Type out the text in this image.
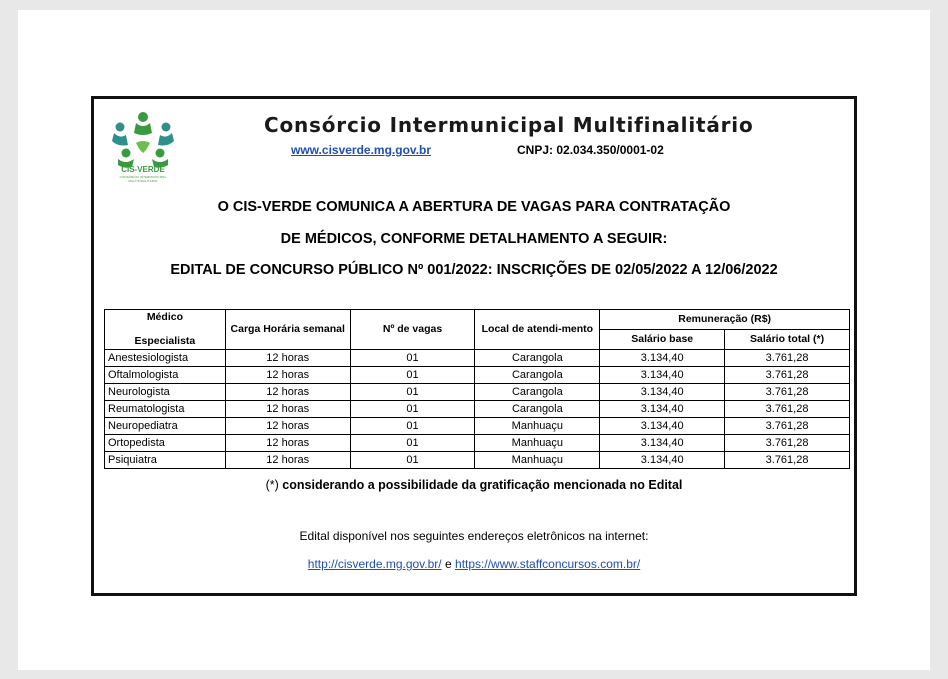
CIS-VERDE
CONSÓRCIO INTERMUNICIPAL MULTIFINALITÁRIO
Consórcio Intermunicipal Multifinalitário
www.cisverde.mg.gov.br	CNPJ: 02.034.350/0001-02
O CIS-VERDE COMUNICA A ABERTURA DE VAGAS PARA CONTRATAÇÃO
DE MÉDICOS, CONFORME DETALHAMENTO A SEGUIR:
EDITAL DE CONCURSO PÚBLICO Nº 001/2022: INSCRIÇÕES DE 02/05/2022 A 12/06/2022
Médico
Especialista	Carga Horária semanal	Nº de vagas	Local de atendi-mento	Remuneração (R$)	
				Salário base	Salário total (*)
Anestesiologista	12 horas	01	Carangola	3.134,40	3.761,28
Oftalmologista	12 horas	01	Carangola	3.134,40	3.761,28
Neurologista	12 horas	01	Carangola	3.134,40	3.761,28
Reumatologista	12 horas	01	Carangola	3.134,40	3.761,28
Neuropediatra	12 horas	01	Manhuaçu	3.134,40	3.761,28
Ortopedista	12 horas	01	Manhuaçu	3.134,40	3.761,28
Psiquiatra	12 horas	01	Manhuaçu	3.134,40	3.761,28
(*) considerando a possibilidade da gratificação mencionada no Edital
Edital disponível nos seguintes endereços eletrônicos na internet:
http://cisverde.mg.gov.br/ e https://www.staffconcursos.com.br/
